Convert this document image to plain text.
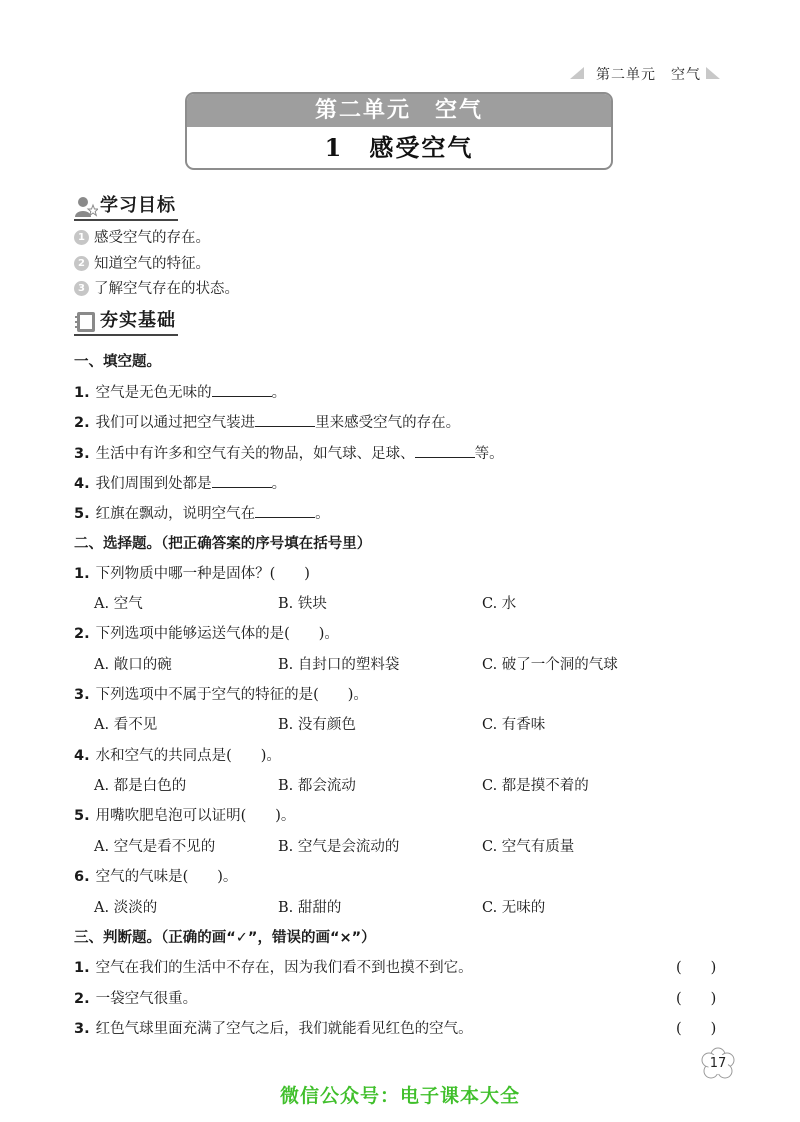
第二单元　空气
第二单元　空气
1　感受空气
学习目标
1 感受空气的存在。
2 知道空气的特征。
3 了解空气存在的状态。
夯实基础
一、填空题。
1. 空气是无色无味的	。
2. 我们可以通过把空气装进	里来感受空气的存在。
3. 生活中有许多和空气有关的物品，如气球、足球、	等。
4. 我们周围到处都是	。
5. 红旗在飘动，说明空气在	。
二、选择题。（把正确答案的序号填在括号里）
1. 下列物质中哪一种是固体？(　　)
A. 空气	B. 铁块	C. 水
2. 下列选项中能够运送气体的是(　　)。
A. 敞口的碗	B. 自封口的塑料袋	C. 破了一个洞的气球
3. 下列选项中不属于空气的特征的是(　　)。
A. 看不见	B. 没有颜色	C. 有香味
4. 水和空气的共同点是(　　)。
A. 都是白色的	B. 都会流动	C. 都是摸不着的
5. 用嘴吹肥皂泡可以证明(　　)。
A. 空气是看不见的	B. 空气是会流动的	C. 空气有质量
6. 空气的气味是(　　)。
A. 淡淡的	B. 甜甜的	C. 无味的
三、判断题。（正确的画“✓”，错误的画“×”）
1. 空气在我们的生活中不存在，因为我们看不到也摸不到它。	(　　)
2. 一袋空气很重。	(　　)
3. 红色气球里面充满了空气之后，我们就能看见红色的空气。	(　　)
17
微信公众号：电子课本大全
